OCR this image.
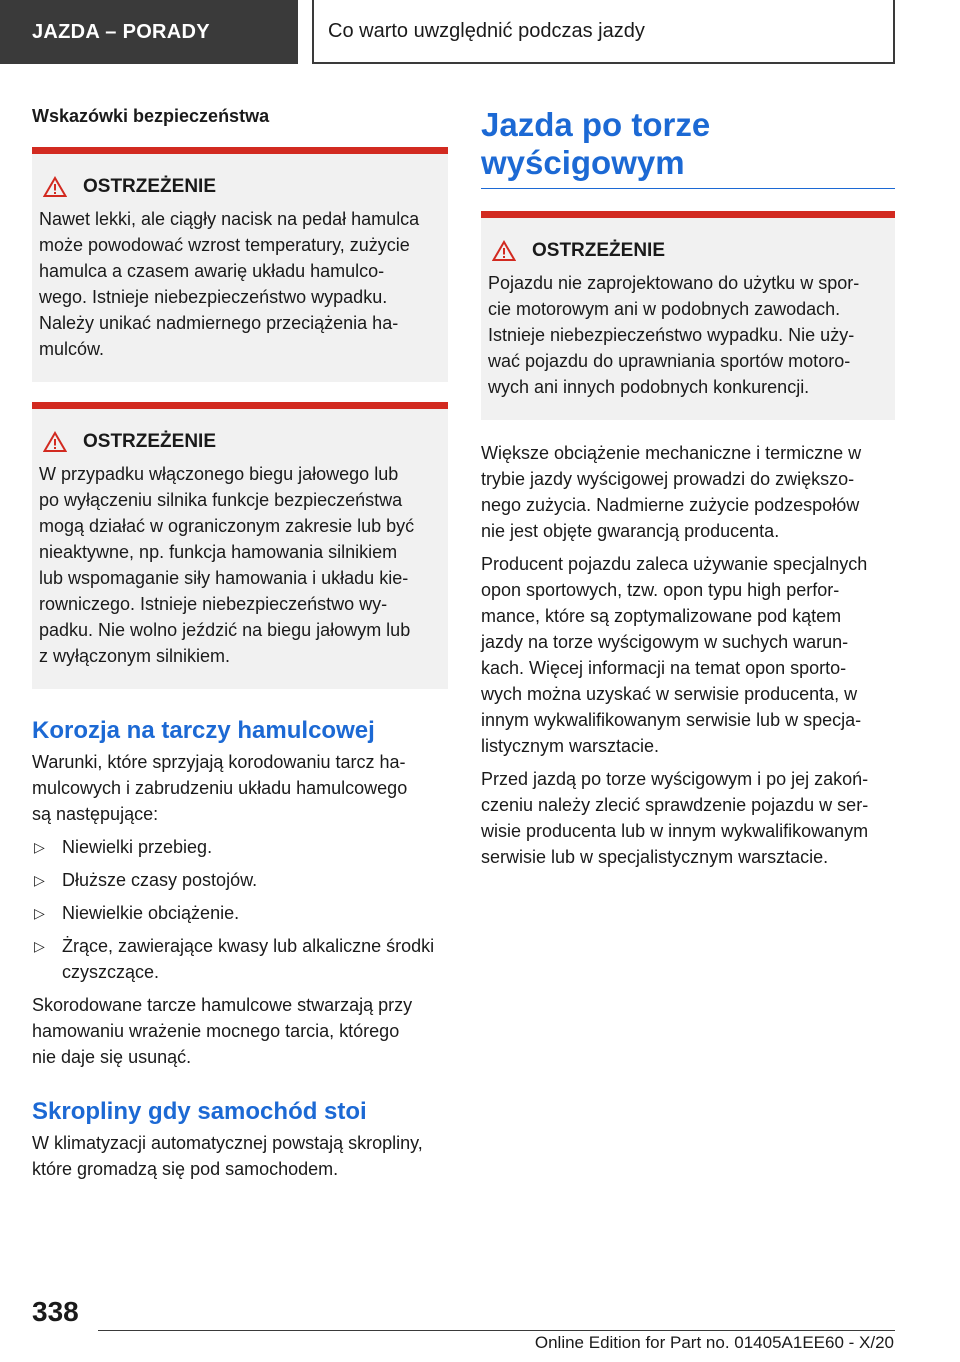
JAZDA – PORADY	Co warto uwzględnić podczas jazdy
Wskazówki bezpieczeństwa
OSTRZEŻENIE
Nawet lekki, ale ciągły nacisk na pedał hamulca
może powodować wzrost temperatury, zużycie
hamulca a czasem awarię układu hamulco-
wego. Istnieje niebezpieczeństwo wypadku.
Należy unikać nadmiernego przeciążenia ha-
mulców.
OSTRZEŻENIE
W przypadku włączonego biegu jałowego lub
po wyłączeniu silnika funkcje bezpieczeństwa
mogą działać w ograniczonym zakresie lub być
nieaktywne, np. funkcja hamowania silnikiem
lub wspomaganie siły hamowania i układu kie-
rowniczego. Istnieje niebezpieczeństwo wy-
padku. Nie wolno jeździć na biegu jałowym lub
z wyłączonym silnikiem.
Korozja na tarczy hamulcowej
Warunki, które sprzyjają korodowaniu tarcz ha-
mulcowych i zabrudzeniu układu hamulcowego
są następujące:
▷ Niewielki przebieg.
▷ Dłuższe czasy postojów.
▷ Niewielkie obciążenie.
▷ Żrące, zawierające kwasy lub alkaliczne środki
czyszczące.
Skorodowane tarcze hamulcowe stwarzają przy
hamowaniu wrażenie mocnego tarcia, którego
nie daje się usunąć.
Skropliny gdy samochód stoi
W klimatyzacji automatycznej powstają skropliny,
które gromadzą się pod samochodem.
Jazda po torze
wyścigowym
OSTRZEŻENIE
Pojazdu nie zaprojektowano do użytku w spor-
cie motorowym ani w podobnych zawodach.
Istnieje niebezpieczeństwo wypadku. Nie uży-
wać pojazdu do uprawniania sportów motoro-
wych ani innych podobnych konkurencji.
Większe obciążenie mechaniczne i termiczne w
trybie jazdy wyścigowej prowadzi do zwiększo-
nego zużycia. Nadmierne zużycie podzespołów
nie jest objęte gwarancją producenta.
Producent pojazdu zaleca używanie specjalnych
opon sportowych, tzw. opon typu high perfor-
mance, które są zoptymalizowane pod kątem
jazdy na torze wyścigowym w suchych warun-
kach. Więcej informacji na temat opon sporto-
wych można uzyskać w serwisie producenta, w
innym wykwalifikowanym serwisie lub w specja-
listycznym warsztacie.
Przed jazdą po torze wyścigowym i po jej zakoń-
czeniu należy zlecić sprawdzenie pojazdu w ser-
wisie producenta lub w innym wykwalifikowanym
serwisie lub w specjalistycznym warsztacie.
338
Online Edition for Part no. 01405A1EE60 - X/20
